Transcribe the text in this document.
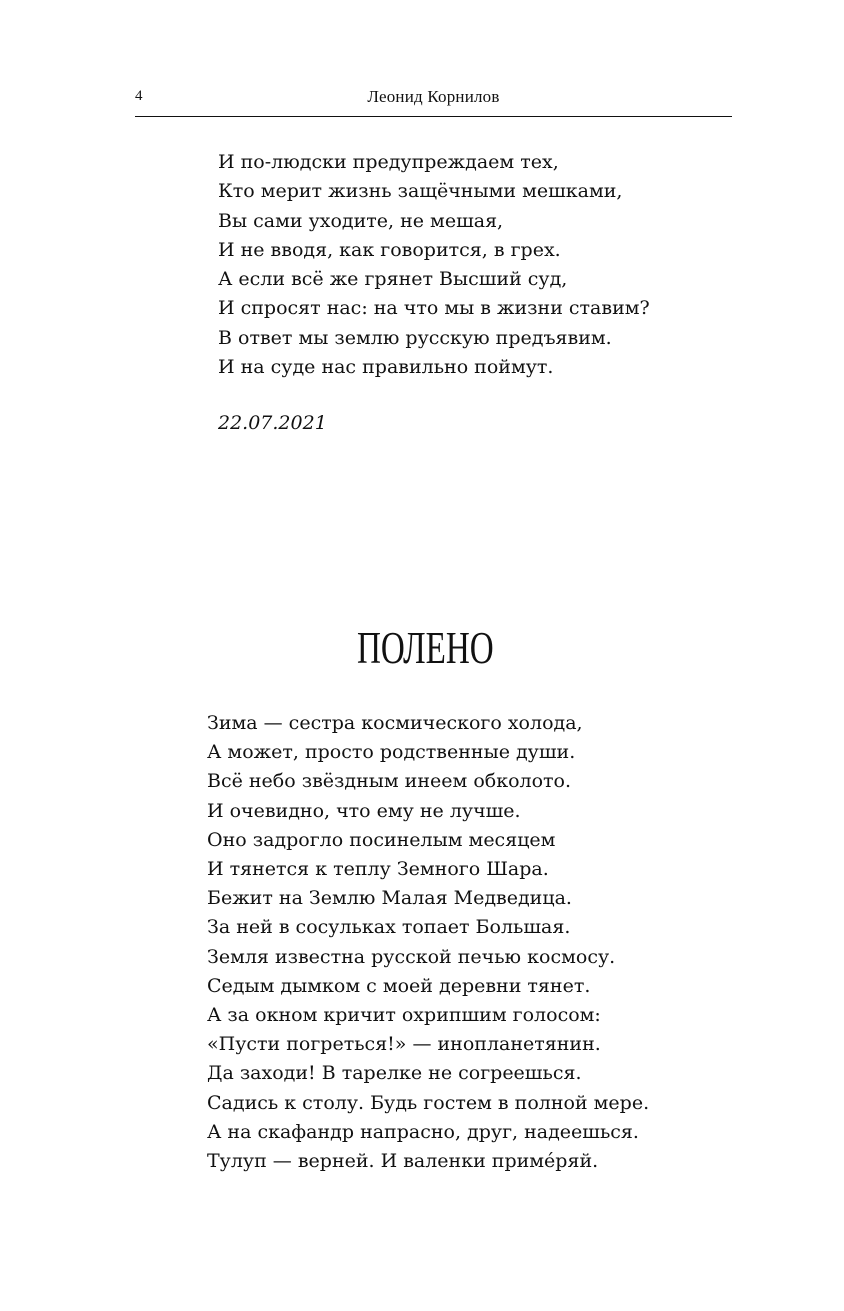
4	Леонид Корнилов
И по-людски предупреждаем тех,
Кто мерит жизнь защёчными мешками,
Вы сами уходите, не мешая,
И не вводя, как говорится, в грех.
А если всё же грянет Высший суд,
И спросят нас: на что мы в жизни ставим?
В ответ мы землю русскую предъявим.
И на суде нас правильно поймут.
22.07.2021
ПОЛЕНО
Зима — сестра космического холода,
А может, просто родственные души.
Всё небо звёздным инеем обколото.
И очевидно, что ему не лучше.
Оно задрогло посинелым месяцем
И тянется к теплу Земного Шара.
Бежит на Землю Малая Медведица.
За ней в сосульках топает Большая.
Земля известна русской печью космосу.
Седым дымком с моей деревни тянет.
А за окном кричит охрипшим голосом:
«Пусти погреться!» — инопланетянин.
Да заходи! В тарелке не согреешься.
Садись к столу. Будь гостем в полной мере.
А на скафандр напрасно, друг, надеешься.
Тулуп — верней. И валенки приме́ряй.
